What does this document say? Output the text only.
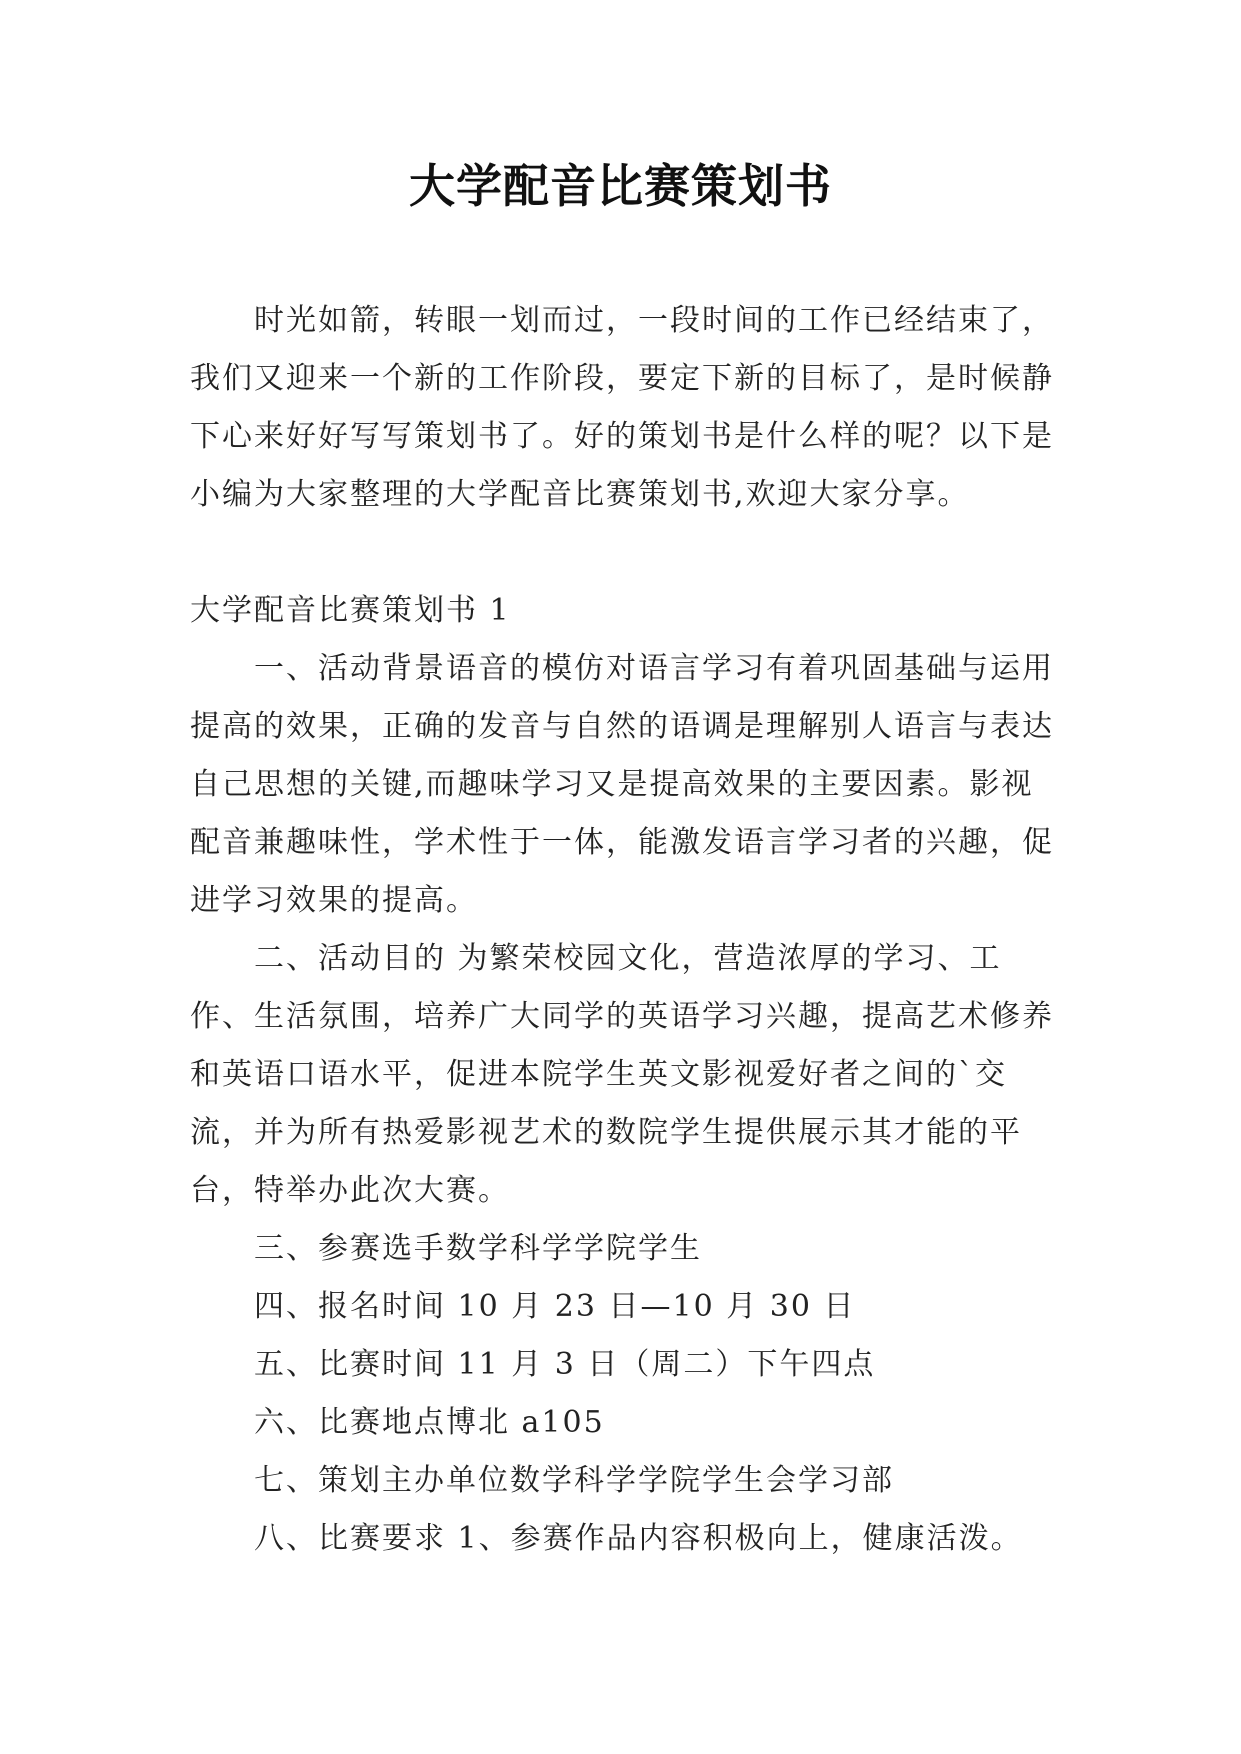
大学配音比赛策划书

时光如箭，转眼一划而过，一段时间的工作已经结束了，我们又迎来一个新的工作阶段，要定下新的目标了，是时候静下心来好好写写策划书了。好的策划书是什么样的呢？以下是小编为大家整理的大学配音比赛策划书,欢迎大家分享。

大学配音比赛策划书 1

一、活动背景语音的模仿对语言学习有着巩固基础与运用提高的效果，正确的发音与自然的语调是理解别人语言与表达自己思想的关键,而趣味学习又是提高效果的主要因素。影视配音兼趣味性，学术性于一体，能激发语言学习者的兴趣，促进学习效果的提高。

二、活动目的 为繁荣校园文化，营造浓厚的学习、工作、生活氛围，培养广大同学的英语学习兴趣，提高艺术修养和英语口语水平，促进本院学生英文影视爱好者之间的`交流，并为所有热爱影视艺术的数院学生提供展示其才能的平台，特举办此次大赛。

三、参赛选手数学科学学院学生

四、报名时间 10 月 23 日—10 月 30 日

五、比赛时间 11 月 3 日（周二）下午四点

六、比赛地点博北 a105

七、策划主办单位数学科学学院学生会学习部

八、比赛要求 1、参赛作品内容积极向上，健康活泼。
